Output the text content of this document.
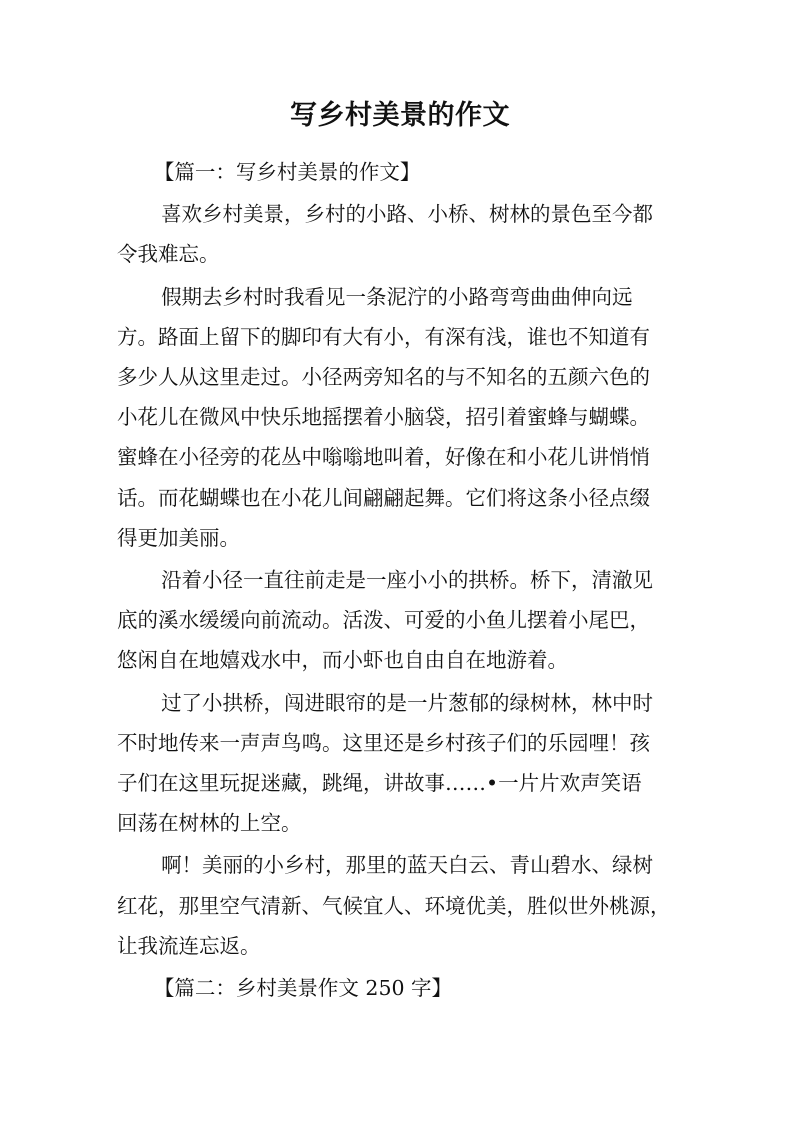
写乡村美景的作文

【篇一：写乡村美景的作文】

喜欢乡村美景，乡村的小路、小桥、树林的景色至今都
令我难忘。
假期去乡村时我看见一条泥泞的小路弯弯曲曲伸向远
方。路面上留下的脚印有大有小，有深有浅，谁也不知道有
多少人从这里走过。小径两旁知名的与不知名的五颜六色的
小花儿在微风中快乐地摇摆着小脑袋，招引着蜜蜂与蝴蝶。
蜜蜂在小径旁的花丛中嗡嗡地叫着，好像在和小花儿讲悄悄
话。而花蝴蝶也在小花儿间翩翩起舞。它们将这条小径点缀
得更加美丽。
沿着小径一直往前走是一座小小的拱桥。桥下，清澈见
底的溪水缓缓向前流动。活泼、可爱的小鱼儿摆着小尾巴，
悠闲自在地嬉戏水中，而小虾也自由自在地游着。
过了小拱桥，闯进眼帘的是一片葱郁的绿树林，林中时
不时地传来一声声鸟鸣。这里还是乡村孩子们的乐园哩！孩
子们在这里玩捉迷藏，跳绳，讲故事……•一片片欢声笑语
回荡在树林的上空。
啊！美丽的小乡村，那里的蓝天白云、青山碧水、绿树
红花，那里空气清新、气候宜人、环境优美，胜似世外桃源，
让我流连忘返。

【篇二：乡村美景作文 250 字】
